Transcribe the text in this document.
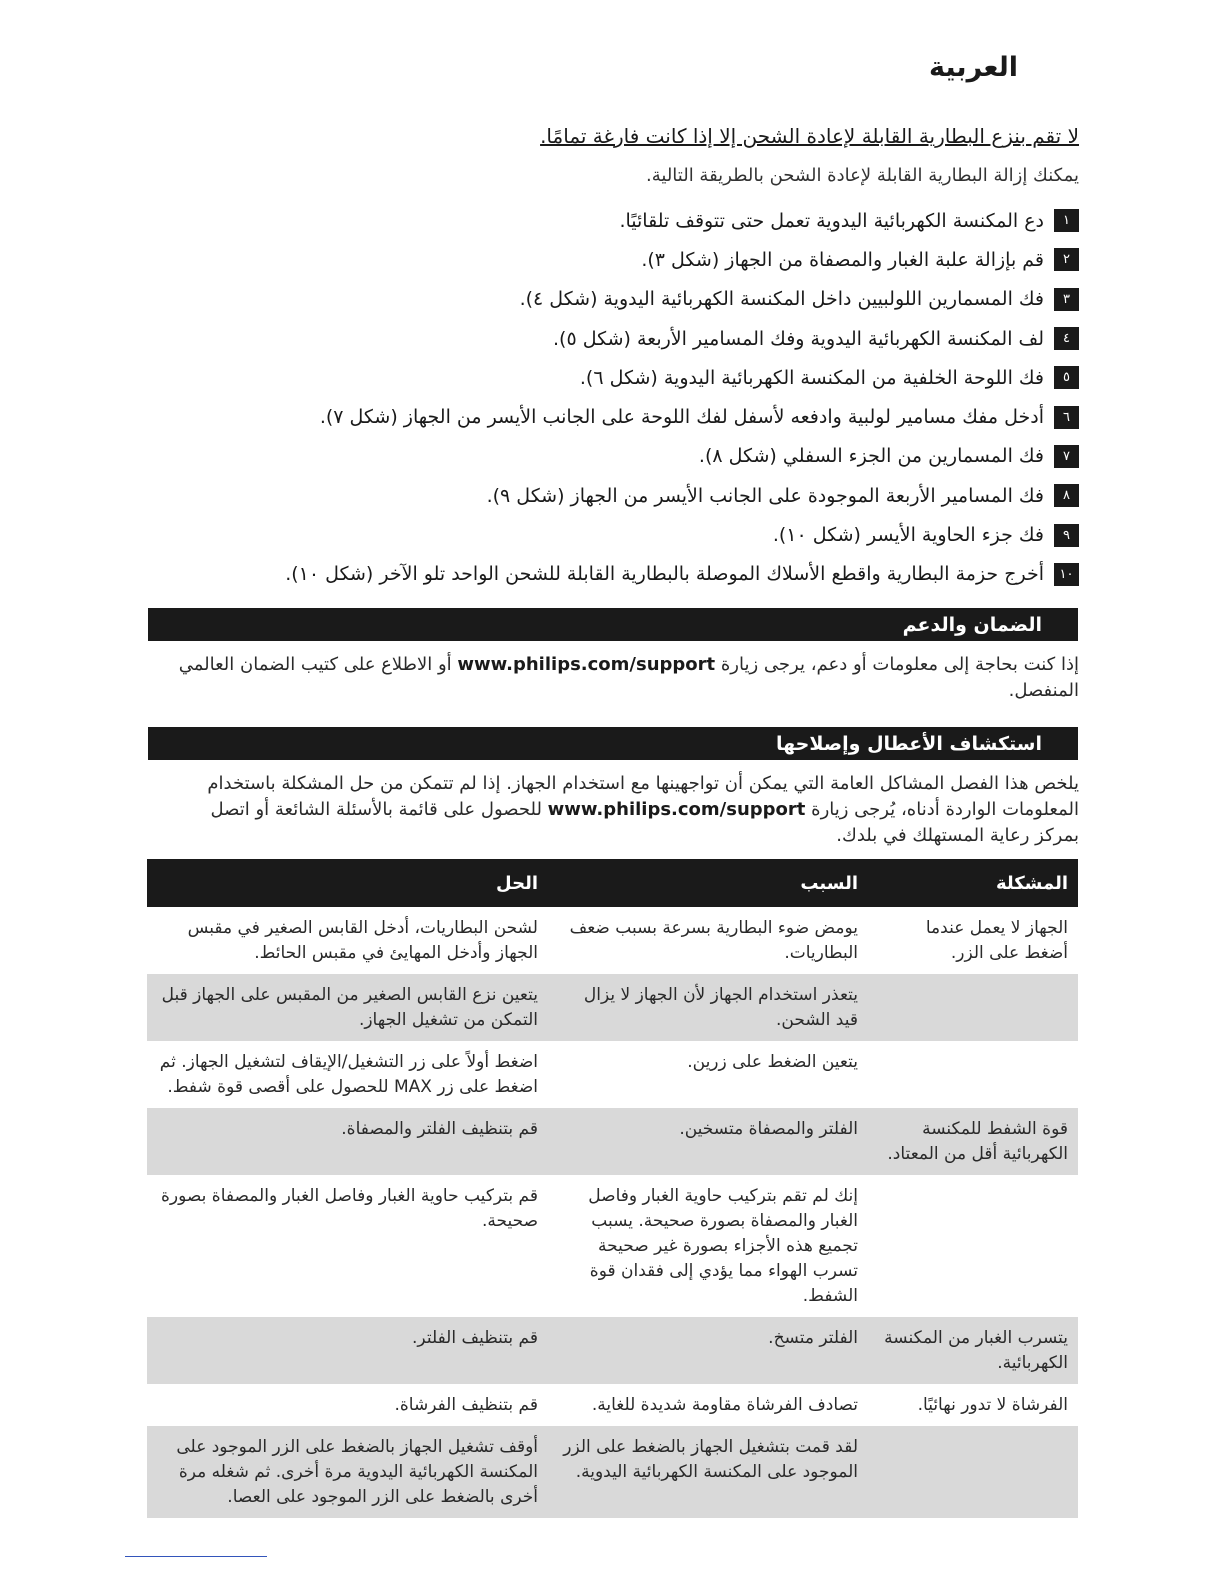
العربية

لا تقم بنزع البطارية القابلة لإعادة الشحن إلا إذا كانت فارغة تمامًا.

يمكنك إزالة البطارية القابلة لإعادة الشحن بالطريقة التالية.

١
دع المكنسة الكهربائية اليدوية تعمل حتى تتوقف تلقائيًا.
٢
قم بإزالة علبة الغبار والمصفاة من الجهاز (شكل ٣).
٣
فك المسمارين اللولبيين داخل المكنسة الكهربائية اليدوية (شكل ٤).
٤
لف المكنسة الكهربائية اليدوية وفك المسامير الأربعة (شكل ٥).
٥
فك اللوحة الخلفية من المكنسة الكهربائية اليدوية (شكل ٦).
٦
أدخل مفك مسامير لولبية وادفعه لأسفل لفك اللوحة على الجانب الأيسر من الجهاز (شكل ٧).
٧
فك المسمارين من الجزء السفلي (شكل ٨).
٨
فك المسامير الأربعة الموجودة على الجانب الأيسر من الجهاز (شكل ٩).
٩
فك جزء الحاوية الأيسر (شكل ١٠).
١٠
أخرج حزمة البطارية واقطع الأسلاك الموصلة بالبطارية القابلة للشحن الواحد تلو الآخر (شكل ١٠).
الضمان والدعم

إذا كنت بحاجة إلى معلومات أو دعم، يرجى زيارة www.philips.com/support أو الاطلاع على كتيب الضمان العالمي المنفصل.

استكشاف الأعطال وإصلاحها

يلخص هذا الفصل المشاكل العامة التي يمكن أن تواجهينها مع استخدام الجهاز. إذا لم تتمكن من حل المشكلة باستخدام المعلومات الواردة أدناه، يُرجى زيارة www.philips.com/support للحصول على قائمة بالأسئلة الشائعة أو اتصل بمركز رعاية المستهلك في بلدك.

المشكلة	السبب	الحل
الجهاز لا يعمل عندما أضغط على الزر.	يومض ضوء البطارية بسرعة بسبب ضعف البطاريات.	لشحن البطاريات، أدخل القابس الصغير في مقبس الجهاز وأدخل المهايئ في مقبس الحائط.
	يتعذر استخدام الجهاز لأن الجهاز لا يزال قيد الشحن.	يتعين نزع القابس الصغير من المقبس على الجهاز قبل التمكن من تشغيل الجهاز.
	يتعين الضغط على زرين.	اضغط أولاً على زر التشغيل/الإيقاف لتشغيل الجهاز. ثم اضغط على زر MAX للحصول على أقصى قوة شفط.
قوة الشفط للمكنسة الكهربائية أقل من المعتاد.	الفلتر والمصفاة متسخين.	قم بتنظيف الفلتر والمصفاة.
	إنك لم تقم بتركيب حاوية الغبار وفاصل الغبار والمصفاة بصورة صحيحة. يسبب تجميع هذه الأجزاء بصورة غير صحيحة تسرب الهواء مما يؤدي إلى فقدان قوة الشفط.	قم بتركيب حاوية الغبار وفاصل الغبار والمصفاة بصورة صحيحة.
يتسرب الغبار من المكنسة الكهربائية.	الفلتر متسخ.	قم بتنظيف الفلتر.
الفرشاة لا تدور نهائيًا.	تصادف الفرشاة مقاومة شديدة للغاية.	قم بتنظيف الفرشاة.
	لقد قمت بتشغيل الجهاز بالضغط على الزر الموجود على المكنسة الكهربائية اليدوية.	أوقف تشغيل الجهاز بالضغط على الزر الموجود على المكنسة الكهربائية اليدوية مرة أخرى. ثم شغله مرة أخرى بالضغط على الزر الموجود على العصا.
